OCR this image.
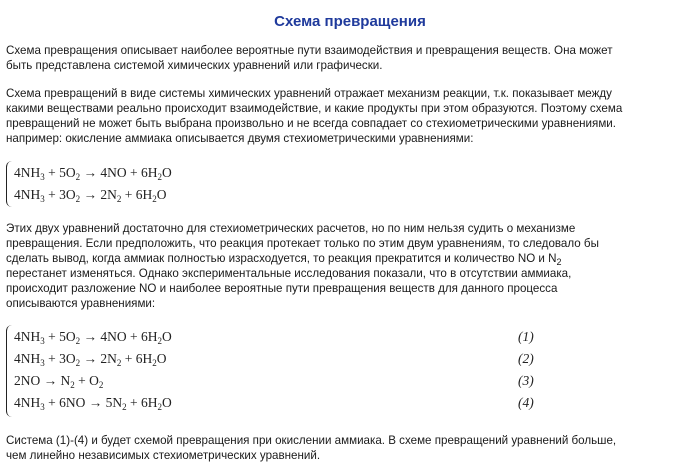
Схема превращения
Схема превращения описывает наиболее вероятные пути взаимодействия и превращения веществ. Она может
быть представлена системой химических уравнений или графически.
Схема превращений в виде системы химических уравнений отражает механизм реакции, т.к. показывает между
какими веществами реально происходит взаимодействие, и какие продукты при этом образуются. Поэтому схема
превращений не может быть выбрана произвольно и не всегда совпадает со стехиометрическими уравнениями.
например: окисление аммиака описывается двумя стехиометрическими уравнениями:
$4NH_3 + 5O_2 \to 4NO + 6H_2O$
$4NH_3 + 3O_2 \to 2N_2 + 6H_2O$
Этих двух уравнений достаточно для стехиометрических расчетов, но по ним нельзя судить о механизме
превращения. Если предположить, что реакция протекает только по этим двум уравнениям, то следовало бы
сделать вывод, когда аммиак полностью израсходуется, то реакция прекратится и количество NO и $N_2$
перестанет изменяться. Однако экспериментальные исследования показали, что в отсутствии аммиака,
происходит разложение NO и наиболее вероятные пути превращения веществ для данного процесса
описываются уравнениями:
$4NH_3 + 5O_2 \to 4NO + 6H_2O$
$4NH_3 + 3O_2 \to 2N_2 + 6H_2O$
$2NO \to N_2 + O_2$
$4NH_3 + 6NO \to 5N_2 + 6H_2O$
(1)
(2)
(3)
(4)
Система (1)-(4) и будет схемой превращения при окислении аммиака. В схеме превращений уравнений больше,
чем линейно независимых стехиометрических уравнений.
